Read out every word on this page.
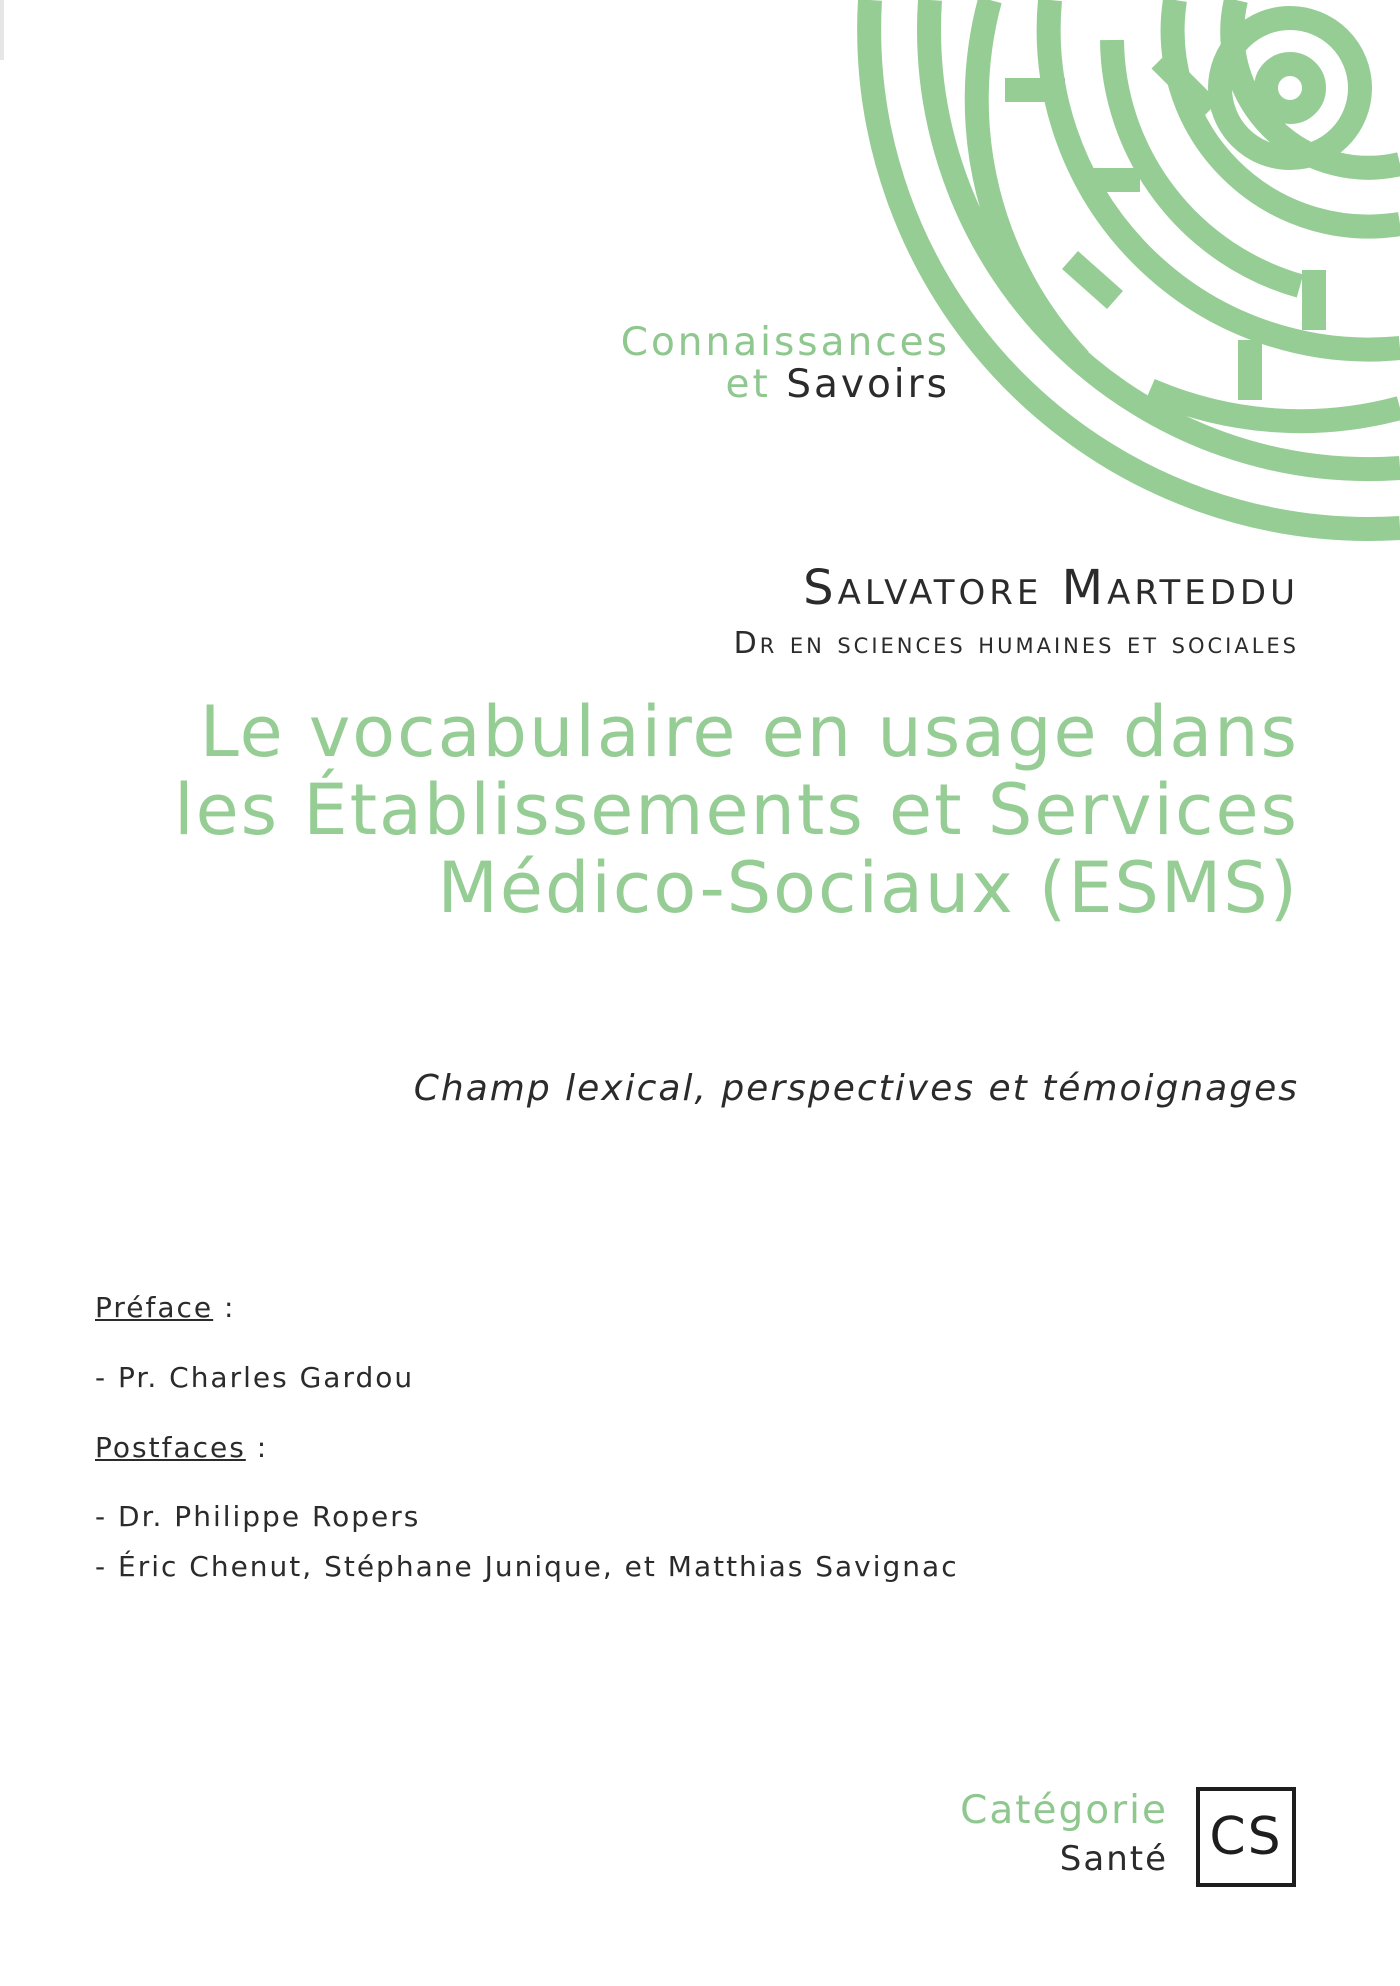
Connaissances
et Savoirs
Salvatore Marteddu
Dr en sciences humaines et sociales
Le vocabulaire en usage dans
les Établissements et Services
Médico-Sociaux (ESMS)
Champ lexical, perspectives et témoignages
Préface :
- Pr. Charles Gardou
Postfaces :
- Dr. Philippe Ropers
- Éric Chenut, Stéphane Junique, et Matthias Savignac
Catégorie
Santé CS
